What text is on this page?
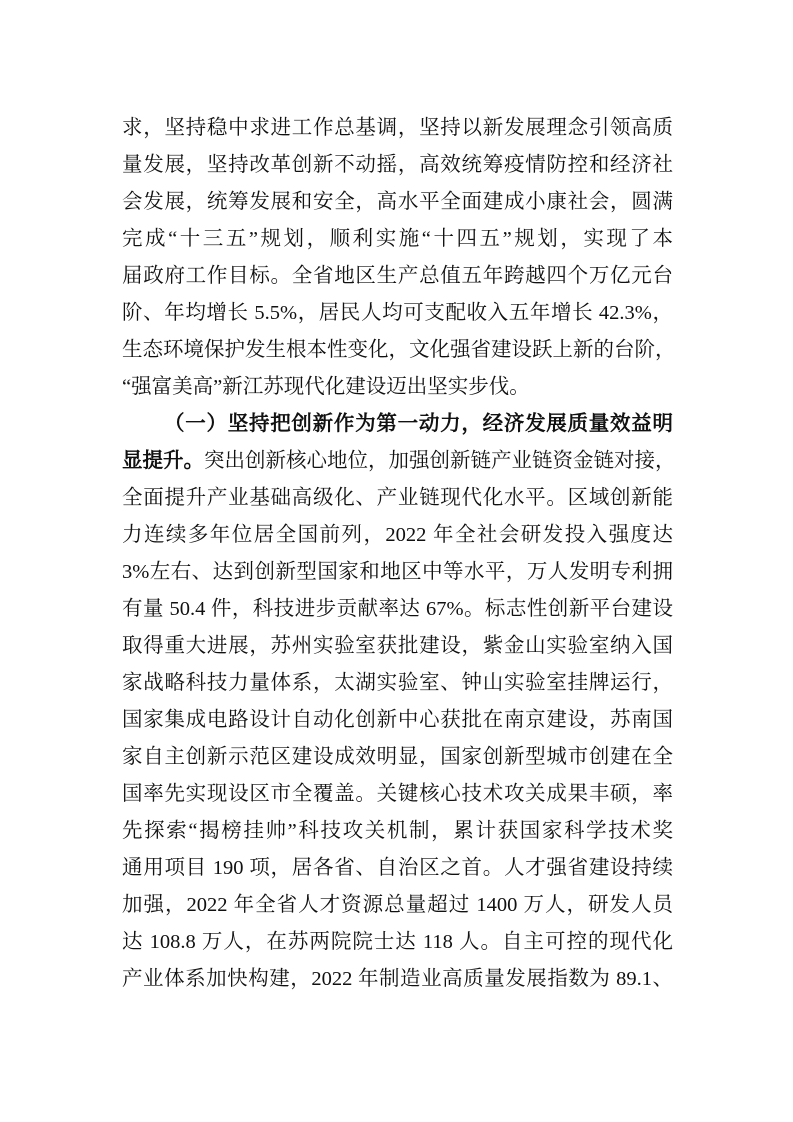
求，坚持稳中求进工作总基调，坚持以新发展理念引领高质
量发展，坚持改革创新不动摇，高效统筹疫情防控和经济社
会发展，统筹发展和安全，高水平全面建成小康社会，圆满
完成“十三五”规划，顺利实施“十四五”规划，实现了本
届政府工作目标。全省地区生产总值五年跨越四个万亿元台
阶、年均增长 5.5%，居民人均可支配收入五年增长 42.3%，
生态环境保护发生根本性变化，文化强省建设跃上新的台阶，
“强富美高”新江苏现代化建设迈出坚实步伐。
（一）坚持把创新作为第一动力，经济发展质量效益明
显提升。突出创新核心地位，加强创新链产业链资金链对接，
全面提升产业基础高级化、产业链现代化水平。区域创新能
力连续多年位居全国前列，2022 年全社会研发投入强度达
3%左右、达到创新型国家和地区中等水平，万人发明专利拥
有量 50.4 件，科技进步贡献率达 67%。标志性创新平台建设
取得重大进展，苏州实验室获批建设，紫金山实验室纳入国
家战略科技力量体系，太湖实验室、钟山实验室挂牌运行，
国家集成电路设计自动化创新中心获批在南京建设，苏南国
家自主创新示范区建设成效明显，国家创新型城市创建在全
国率先实现设区市全覆盖。关键核心技术攻关成果丰硕，率
先探索“揭榜挂帅”科技攻关机制，累计获国家科学技术奖
通用项目 190 项，居各省、自治区之首。人才强省建设持续
加强，2022 年全省人才资源总量超过 1400 万人，研发人员
达 108.8 万人，在苏两院院士达 118 人。自主可控的现代化
产业体系加快构建，2022 年制造业高质量发展指数为 89.1、
